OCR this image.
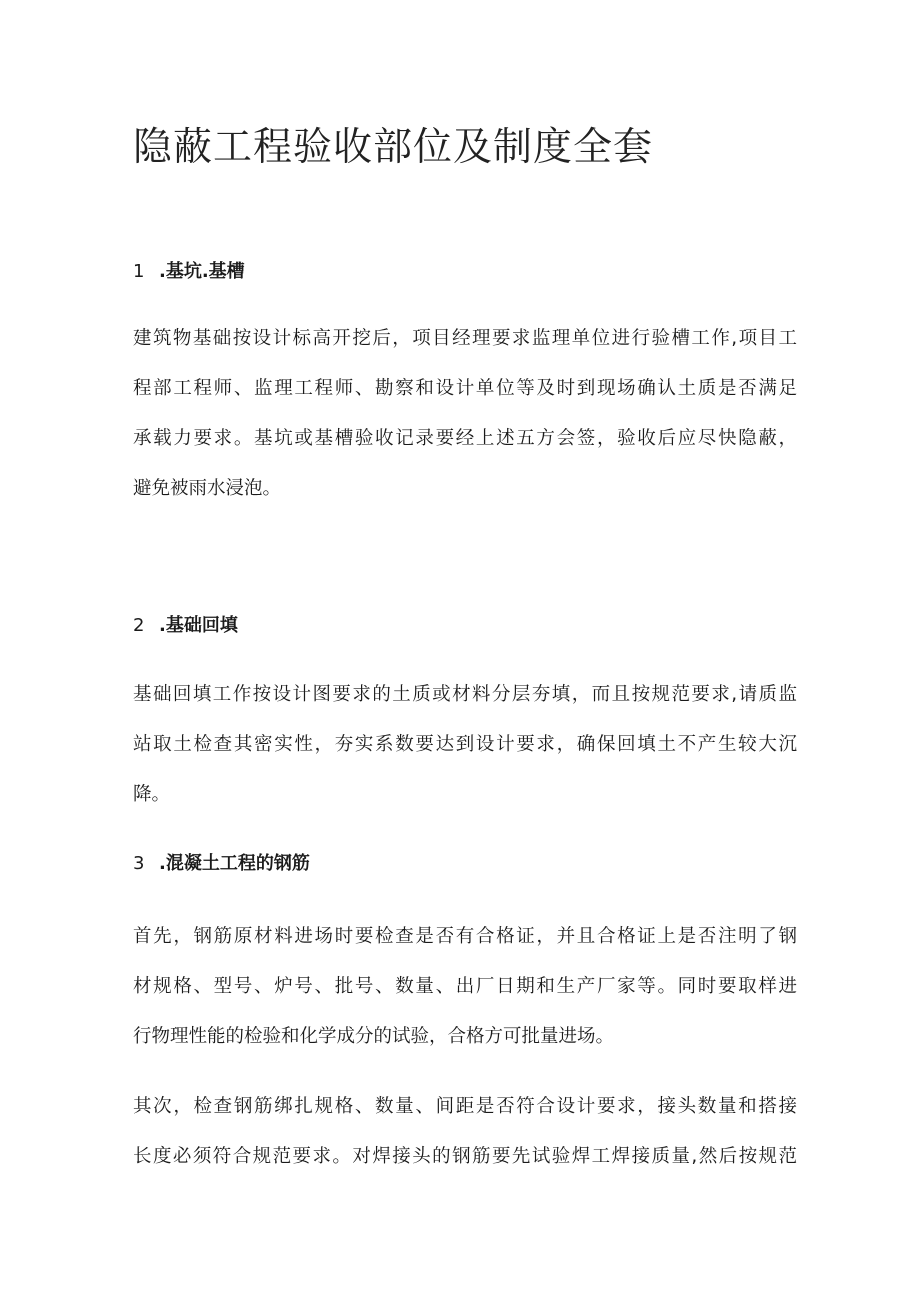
隐蔽工程验收部位及制度全套
1 .基坑.基槽

建筑物基础按设计标高开挖后，项目经理要求监理单位进行验槽工作,项目工
程部工程师、监理工程师、勘察和设计单位等及时到现场确认土质是否满足
承载力要求。基坑或基槽验收记录要经上述五方会签，验收后应尽快隐蔽，
避免被雨水浸泡。

2 .基础回填

基础回填工作按设计图要求的土质或材料分层夯填，而且按规范要求,请质监
站取土检查其密实性，夯实系数要达到设计要求，确保回填土不产生较大沉
降。

3 .混凝土工程的钢筋

首先，钢筋原材料进场时要检查是否有合格证，并且合格证上是否注明了钢
材规格、型号、炉号、批号、数量、出厂日期和生产厂家等。同时要取样进
行物理性能的检验和化学成分的试验，合格方可批量进场。

其次，检查钢筋绑扎规格、数量、间距是否符合设计要求，接头数量和搭接
长度必须符合规范要求。对焊接头的钢筋要先试验焊工焊接质量,然后按规范
